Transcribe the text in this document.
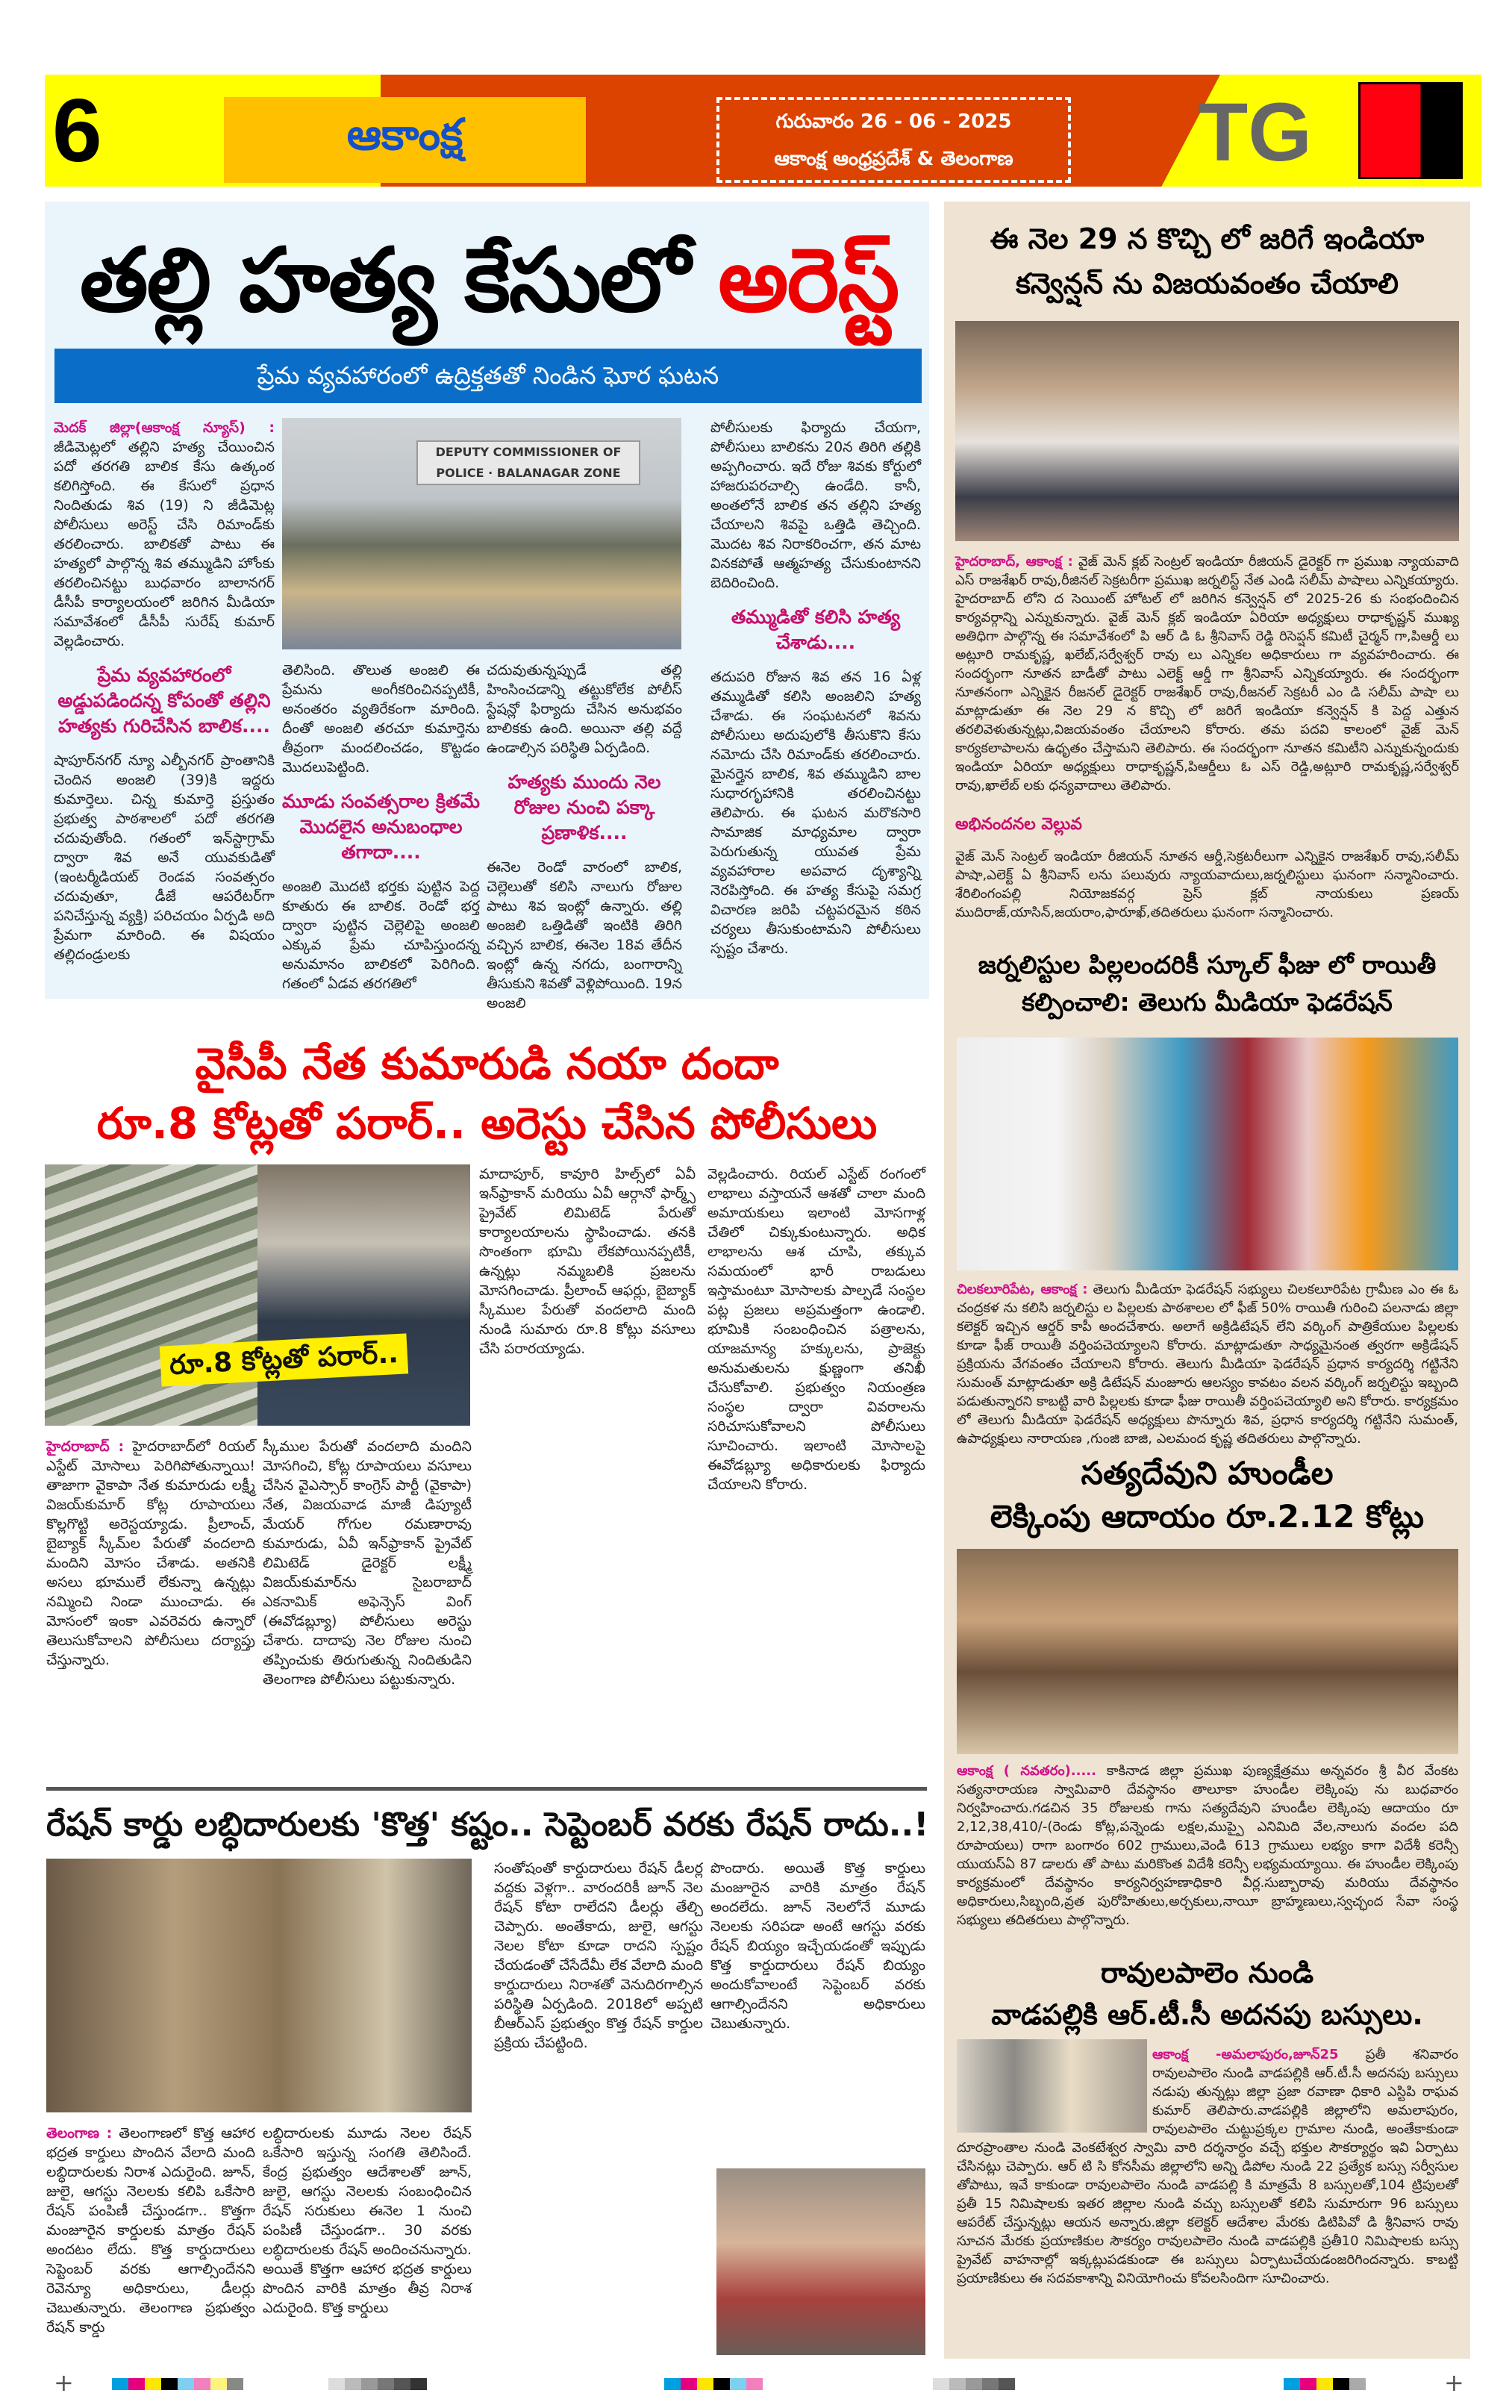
6	ఆకాంక్ష	గురువారం 26 - 06 - 2025
ఆకాంక్ష ఆంధ్రప్రదేశ్ & తెలంగాణ	TG
తల్లి హత్య కేసులో అరెస్ట్
ప్రేమ వ్యవహారంలో ఉద్రిక్తతతో నిండిన ఘోర ఘటన
మెదక్ జిల్లా(ఆకాంక్ష న్యూస్) : జీడిమెట్లలో తల్లిని హత్య చేయించిన పదో తరగతి బాలిక కేసు ఉత్కంఠ కలిగిస్తోంది. ఈ కేసులో ప్రధాన నిందితుడు శివ (19) ని జీడిమెట్ల పోలీసులు అరెస్ట్ చేసి రిమాండ్‌కు తరలించారు. బాలికతో పాటు ఈ హత్యలో పాల్గొన్న శివ తమ్ముడిని హోంకు తరలించినట్టు బుధవారం బాలానగర్ డీసీపీ కార్యాలయంలో జరిగిన మీడియా సమావేశంలో డీసీపీ సురేష్ కుమార్ వెల్లడించారు.
ప్రేమ వ్యవహారంలో అడ్డుపడిందన్న కోపంతో తల్లిని హత్యకు గురిచేసిన బాలిక....
షాపూర్‌నగర్ న్యూ ఎల్బీనగర్ ప్రాంతానికి చెందిన అంజలి (39)కి ఇద్దరు కుమార్తెలు. చిన్న కుమార్తె ప్రస్తుతం ప్రభుత్వ పాఠశాలలో పదో తరగతి చదువుతోంది. గతంలో ఇన్‌స్టాగ్రామ్ ద్వారా శివ అనే యువకుడితో (ఇంటర్మీడియట్ రెండవ సంవత్సరం చదువుతూ, డీజే ఆపరేటర్‌గా పనిచేస్తున్న వ్యక్తి) పరిచయం ఏర్పడి అది ప్రేమగా మారింది. ఈ విషయం తల్లిదండ్రులకు
DEPUTY COMMISSIONER OF POLICE · BALANAGAR ZONE
తెలిసింది. తొలుత అంజలి ఈ ప్రేమను అంగీకరించినప్పటికీ, అనంతరం వ్యతిరేకంగా మారింది. దీంతో అంజలి తరచూ కుమార్తెను తీవ్రంగా మందలించడం, కొట్టడం మొదలుపెట్టింది.
మూడు సంవత్సరాల క్రితమే మొదలైన అనుబంధాల తగాదా....
అంజలి మొదటి భర్తకు పుట్టిన పెద్ద కూతురు ఈ బాలిక. రెండో భర్త ద్వారా పుట్టిన చెల్లెలిపై అంజలి ఎక్కువ ప్రేమ చూపిస్తుందన్న అనుమానం బాలికలో పెరిగింది. గతంలో ఏడవ తరగతిలో
చదువుతున్నప్పుడే తల్లి హింసించడాన్ని తట్టుకోలేక పోలీస్ స్టేషన్లో ఫిర్యాదు చేసిన అనుభవం బాలికకు ఉంది. అయినా తల్లి వద్దే ఉండాల్సిన పరిస్థితి ఏర్పడింది.
హత్యకు ముందు నెల రోజుల నుంచి పక్కా ప్రణాళిక....
ఈనెల రెండో వారంలో బాలిక, చెల్లెలుతో కలిసి నాలుగు రోజుల పాటు శివ ఇంట్లో ఉన్నారు. తల్లి అంజలి ఒత్తిడితో ఇంటికి తిరిగి వచ్చిన బాలిక, ఈనెల 18వ తేదీన ఇంట్లో ఉన్న నగదు, బంగారాన్ని తీసుకుని శివతో వెళ్లిపోయింది. 19న అంజలి
పోలీసులకు ఫిర్యాదు చేయగా, పోలీసులు బాలికను 20న తిరిగి తల్లికి అప్పగించారు. ఇదే రోజు శివకు కోర్టులో హాజరుపరచాల్సి ఉండేది. కానీ, అంతలోనే బాలిక తన తల్లిని హత్య చేయాలని శివపై ఒత్తిడి తెచ్చింది. మొదట శివ నిరాకరించగా, తన మాట వినకపోతే ఆత్మహత్య చేసుకుంటానని బెదిరించింది.
తమ్ముడితో కలిసి హత్య చేశాడు....
తదుపరి రోజున శివ తన 16 ఏళ్ల తమ్ముడితో కలిసి అంజలిని హత్య చేశాడు. ఈ సంఘటనలో శివను పోలీసులు అదుపులోకి తీసుకొని కేసు నమోదు చేసి రిమాండ్‌కు తరలించారు. మైనర్తైన బాలిక, శివ తమ్ముడిని బాల సుధారగృహానికి తరలించినట్టు తెలిపారు. ఈ ఘటన మరొకసారి సామాజిక మాధ్యమాల ద్వారా పెరుగుతున్న యువత ప్రేమ వ్యవహారాల అపవాద దృశ్యాన్ని నెరపిస్తోంది. ఈ హత్య కేసుపై సమగ్ర విచారణ జరిపి చట్టపరమైన కఠిన చర్యలు తీసుకుంటామని పోలీసులు స్పష్టం చేశారు.
వైసీపీ నేత కుమారుడి నయా దందా
రూ.8 కోట్లతో పరార్.. అరెస్టు చేసిన పోలీసులు
రూ.8 కోట్లతో పరార్..
హైదరాబాద్ : హైదరాబాద్‌లో రియల్ ఎస్టేట్ మోసాలు పెరిగిపోతున్నాయి! తాజాగా వైకాపా నేత కుమారుడు లక్ష్మీ విజయ్‌కుమార్ కోట్ల రూపాయలు కొల్లగొట్టి అరెస్టయ్యాడు. ప్రీలాంచ్, బైబ్యాక్ స్కీమ్‌ల పేరుతో వందలాది మందిని మోసం చేశాడు. అతనికి అసలు భూములే లేకున్నా ఉన్నట్లు నమ్మించి నిండా ముంచాడు. ఈ మోసంలో ఇంకా ఎవరెవరు ఉన్నారో తెలుసుకోవాలని పోలీసులు దర్యాప్తు చేస్తున్నారు.
స్కీముల పేరుతో వందలాది మందిని మోసగించి, కోట్ల రూపాయలు వసూలు చేసిన వైఎస్సార్ కాంగ్రెస్ పార్టీ (వైకాపా) నేత, విజయవాడ మాజీ డిప్యూటీ మేయర్ గోగుల రమణారావు కుమారుడు, ఏవీ ఇన్‌ఫ్రాకాన్ ప్రైవేట్ లిమిటెడ్ డైరెక్టర్ లక్ష్మీ విజయ్‌కుమార్‌ను సైబరాబాద్ ఎకనామిక్ అఫెన్సెస్ వింగ్ (ఈవోడబ్ల్యూ) పోలీసులు అరెస్టు చేశారు. దాదాపు నెల రోజుల నుంచి తప్పించుకు తిరుగుతున్న నిందితుడిని తెలంగాణ పోలీసులు పట్టుకున్నారు.
మాదాపూర్, కావూరి హిల్స్‌లో ఏవీ ఇన్‌ఫ్రాకాన్ మరియు ఏవీ ఆర్గానో ఫార్మ్స్ ప్రైవేట్ లిమిటెడ్ పేరుతో కార్యాలయాలను స్థాపించాడు. తనకి సొంతంగా భూమి లేకపోయినప్పటికీ, ఉన్నట్లు నమ్మబలికి ప్రజలను మోసగించాడు. ప్రీలాంచ్ ఆఫర్లు, బైబ్యాక్ స్కీముల పేరుతో వందలాది మంది నుండి సుమారు రూ.8 కోట్లు వసూలు చేసి పరారయ్యాడు.
వెల్లడించారు. రియల్ ఎస్టేట్ రంగంలో లాభాలు వస్తాయనే ఆశతో చాలా మంది అమాయకులు ఇలాంటి మోసగాళ్ల చేతిలో చిక్కుకుంటున్నారు. అధిక లాభాలను ఆశ చూపి, తక్కువ సమయంలో భారీ రాబడులు ఇస్తామంటూ మోసాలకు పాల్పడే సంస్థల పట్ల ప్రజలు అప్రమత్తంగా ఉండాలి. భూమికి సంబంధించిన పత్రాలను, యాజమాన్య హక్కులను, ప్రాజెక్టు అనుమతులను క్షుణ్ణంగా తనిఖీ చేసుకోవాలి. ప్రభుత్వం నియంత్రణ సంస్థల ద్వారా వివరాలను సరిచూసుకోవాలని పోలీసులు సూచించారు. ఇలాంటి మోసాలపై ఈవోడబ్ల్యూ అధికారులకు ఫిర్యాదు చేయాలని కోరారు.
రేషన్ కార్డు లబ్ధిదారులకు 'కొత్త' కష్టం.. సెప్టెంబర్ వరకు రేషన్ రాదు..!
తెలంగాణ : తెలంగాణలో కొత్త ఆహార భద్రత కార్డులు పొందిన వేలాది మంది లబ్ధిదారులకు నిరాశ ఎదురైంది. జూన్, జులై, ఆగస్టు నెలలకు కలిపి ఒకేసారి రేషన్ పంపిణీ చేస్తుండగా.. కొత్తగా మంజూరైన కార్డులకు మాత్రం రేషన్ అందటం లేదు. కొత్త కార్డుదారులు సెప్టెంబర్ వరకు ఆగాల్సిందేనని రెవెన్యూ అధికారులు, డీలర్లు చెబుతున్నారు. తెలంగాణ ప్రభుత్వం రేషన్ కార్డు
లబ్ధిదారులకు మూడు నెలల రేషన్ ఒకేసారి ఇస్తున్న సంగతి తెలిసిందే. కేంద్ర ప్రభుత్వం ఆదేశాలతో జూన్, జులై, ఆగస్టు నెలలకు సంబంధించిన రేషన్ సరుకులు ఈనెల 1 నుంచి పంపిణీ చేస్తుండగా.. 30 వరకు లబ్ధిదారులకు రేషన్ అందించనున్నారు. అయితే కొత్తగా ఆహార భద్రత కార్డులు పొందిన వారికి మాత్రం తీవ్ర నిరాశ ఎదురైంది. కొత్త కార్డులు
సంతోషంతో కార్డుదారులు రేషన్ డీలర్ల వద్దకు వెళ్లగా.. వారందరికీ జూన్ నెల రేషన్ కోటా రాలేదని డీలర్లు తేల్చి చెప్పారు. అంతేకాదు, జులై, ఆగస్టు నెలల కోటా కూడా రాదని స్పష్టం చేయడంతో చేసేదేమీ లేక వేలాది మంది కార్డుదారులు నిరాశతో వెనుదిరగాల్సిన పరిస్థితి ఏర్పడింది. 2018లో అప్పటి బీఆర్ఎస్ ప్రభుత్వం కొత్త రేషన్ కార్డుల ప్రక్రియ చేపట్టింది.
పొందారు. అయితే కొత్త కార్డులు మంజూరైన వారికి మాత్రం రేషన్ అందలేదు. జూన్ నెలలోనే మూడు నెలలకు సరిపడా అంటే ఆగస్టు వరకు రేషన్ బియ్యం ఇచ్చేయడంతో ఇప్పుడు కొత్త కార్డుదారులు రేషన్ బియ్యం అందుకోవాలంటే సెప్టెంబర్ వరకు ఆగాల్సిందేనని అధికారులు చెబుతున్నారు.
ఈ నెల 29 న కొచ్చి లో జరిగే ఇండియా కన్వెన్షన్ ను విజయవంతం చేయాలి
హైదరాబాద్, ఆకాంక్ష : వైజ్ మెన్ క్లబ్ సెంట్రల్ ఇండియా రీజియన్ డైరెక్టర్ గా ప్రముఖ న్యాయవాది ఎస్ రాజశేఖర్ రావు,రీజినల్ సెక్రటరీగా ప్రముఖ జర్నలిస్ట్ నేత ఎండి సలీమ్ పాషాలు ఎన్నికయ్యారు. హైదరాబాద్ లోని ద సెయింట్ హోటల్ లో జరిగిన కన్వెన్షన్ లో 2025-26 కు సంభందించిన కార్యవర్గాన్ని ఎన్నుకున్నారు. వైజ్ మెన్ క్లబ్ ఇండియా ఏరియా అధ్యక్షులు రాధాకృష్ణన్ ముఖ్య అతిధిగా పాల్గొన్న ఈ సమావేశంలో పి ఆర్ డి ఓ శ్రీనివాస్ రెడ్డి రిసెప్షన్ కమిటీ చైర్మన్ గా,పిఆర్డీ లు అట్లూరి రామకృష్ణ, ఖలేబ్,సర్వేశ్వర్ రావు లు ఎన్నికల అధికారులు గా వ్యవహరించారు. ఈ సందర్భంగా నూతన బాడీతో పాటు ఎలెక్ట్ ఆర్డీ గా శ్రీనివాస్ ఎన్నికయ్యారు. ఈ సందర్భంగా నూతనంగా ఎన్నికైన రీజనల్ డైరెక్టర్ రాజశేఖర్ రావు,రీజనల్ సెక్రటరీ ఎం డి సలీమ్ పాషా లు మాట్లాడుతూ ఈ నెల 29 న కొచ్చి లో జరిగే ఇండియా కన్వెన్షన్ కి పెద్ద ఎత్తున తరలివెళుతున్నట్లు,విజయవంతం చేయాలని కోరారు. తమ పదవి కాలంలో వైజ్ మెన్ కార్యకలాపాలను ఉధృతం చేస్తామని తెలిపారు. ఈ సందర్భంగా నూతన కమిటీని ఎన్నుకున్నందుకు ఇండియా ఏరియా అధ్యక్షులు రాధాకృష్ణన్,పిఆర్డీలు ఓ ఎస్ రెడ్డి,అట్లూరి రామకృష్ణ,సర్వేశ్వర్ రావు,ఖాలేబ్ లకు ధన్యవాదాలు తెలిపారు.
అభినందనల వెల్లువ
వైజ్ మెన్ సెంట్రల్ ఇండియా రీజియన్ నూతన ఆర్డీ,సెక్రటరీలుగా ఎన్నికైన రాజశేఖర్ రావు,సలీమ్ పాషా,ఎలెక్ట్ ఏ శ్రీనివాస్ లను పలువురు న్యాయవాదులు,జర్నలిస్టులు ఘనంగా సన్మానించారు. శేరిలింగంపల్లి నియోజకవర్గ ప్రెస్ క్లబ్ నాయకులు ప్రణయ్ ముదిరాజ్,యాసిన్,జయరాం,ఫారూఖ్,తదితరులు ఘనంగా సన్మానించారు.
జర్నలిస్టుల పిల్లలందరికీ స్కూల్ ఫీజు లో రాయితీ కల్పించాలి: తెలుగు మీడియా ఫెడరేషన్
చిలకలూరిపేట, ఆకాంక్ష : తెలుగు మీడియా ఫెడరేషన్ సభ్యులు చిలకలూరిపేట గ్రామీణ ఎం ఈ ఓ చంద్రకళ ను కలిసి జర్నలిస్టు ల పిల్లలకు పాఠశాలల లో ఫీజ్ 50% రాయితీ గురించి పలనాడు జిల్లా కలెక్టర్ ఇచ్చిన ఆర్డర్ కాపీ అందచేశారు. అలాగే అక్రిడిటేషన్ లేని వర్కింగ్ పాత్రికేయుల పిల్లలకు కూడా ఫీజ్ రాయితీ వర్తింపచెయ్యాలని కోరారు. మాట్లాడుతూ సాధ్యమైనంత త్వరగా అక్రిడేషన్ ప్రక్రియను వేగవంతం చేయాలని కోరారు. తెలుగు మీడియా ఫెడరేషన్ ప్రధాన కార్యదర్శి గట్టినేని సుమంత్ మాట్లాడుతూ అక్రి డిటేషన్ మంజూరు ఆలస్యం కావటం వలన వర్కింగ్ జర్నలిస్టు ఇబ్బంది పడుతున్నారని కాబట్టి వారి పిల్లలకు కూడా ఫీజు రాయితీ వర్తింపచెయ్యాలి అని కోరారు. కార్యక్రమం లో తెలుగు మీడియా ఫెడరేషన్ అధ్యక్షులు పొన్నూరు శివ, ప్రధాన కార్యదర్శి గట్టినేని సుమంత్, ఉపాధ్యక్షులు నారాయణ ,గుంజి బాజి, ఎలమంద కృష్ణ తదితరులు పాల్గొన్నారు.
సత్యదేవుని హుండీల
లెక్కింపు ఆదాయం రూ.2.12 కోట్లు
ఆకాంక్ష ( నవతరం)..... కాకినాడ జిల్లా ప్రముఖ పుణ్యక్షేత్రము అన్నవరం శ్రీ వీర వేంకట సత్యనారాయణ స్వామివారి దేవస్థానం తాలూకా హుండీల లెక్కింపు ను బుధవారం నిర్వహించారు.గడచిన 35 రోజులకు గాను సత్యదేవుని హుండీల లెక్కింపు ఆదాయం రూ 2,12,38,410/-(రెండు కోట్ల,పన్నెండు లక్షల,ముప్పై ఎనిమిది వేల,నాలుగు వందల పది రూపాయలు) రాగా బంగారం 602 గ్రాములు,వెండి 613 గ్రాములు లభ్యం కాగా విదేశీ కరెన్సీ యుయస్ఏ 87 డాలరు తో పాటు మరికొంత విదేశీ కరెన్సీ లభ్యమయ్యాయి. ఈ హుండీల లెక్కింపు కార్యక్రమంలో దేవస్థానం కార్యనిర్వహణాధికారి వీర్ల.సుబ్బారావు మరియు దేవస్థానం అధికారులు,సిబ్బంది,వ్రత పురోహితులు,అర్చకులు,నాయీ బ్రాహ్మణులు,స్వచ్ఛంద సేవా సంస్థ సభ్యులు తదితరులు పాల్గొన్నారు.
రావులపాలెం నుండి
వాడపల్లికి ఆర్.టీ.సీ అదనపు బస్సులు.
ఆకాంక్ష -అమలాపురం,జూన్25 ప్రతీ శనివారం రావులపాలెం నుండి వాడపల్లికి ఆర్.టీ.సీ అదనపు బస్సులు నడుపు తున్నట్లు జిల్లా ప్రజా రవాణా ధికారి ఎస్టిపి రాఘవ కుమార్ తెలిపారు.వాడపల్లికి జిల్లాలోని అమలాపురం, రావులపాలెం చుట్టుప్రక్కల గ్రామాల నుండి, అంతేకాకుండా దూరప్రాంతాల నుండి వెంకటేశ్వర స్వామి వారి దర్శనార్ధం వచ్చే భక్తుల సౌకర్యార్థం ఇవి ఏర్పాటు చేసినట్లు చెప్పారు. ఆర్ టి సి కోనసీమ జిల్లాలోని అన్ని డిపోల నుండి 22 ప్రత్యేక బస్సు సర్వీసుల తోపాటు, ఇవే కాకుండా రావులపాలెం నుండి వాడపల్లి కి మాత్రమే 8 బస్సులతో,104 ట్రిపులతో ప్రతీ 15 నిమిషాలకు ఇతర జిల్లాల నుండి వచ్చు బస్సులతో కలిపి సుమారుగా 96 బస్సులు ఆపరేట్ చేస్తున్నట్లు ఆయన అన్నారు.జిల్లా కలెక్టర్ ఆదేశాల మేరకు డిటిపివో డి శ్రీనివాస రావు సూచన మేరకు ప్రయాణికుల సౌకర్యం రావులపాలెం నుండి వాడపల్లికి ప్రతీ10 నిమిషాలకు బస్సు ప్రైవేట్ వాహనాల్లో ఇక్కట్లుపడకుండా ఈ బస్సులు ఏర్పాటుచేయడంజరిగిందన్నారు. కాబట్టి ప్రయాణికులు ఈ సదవకాశాన్ని వినియోగించు కోవలసిందిగా సూచించారు.
+	+
